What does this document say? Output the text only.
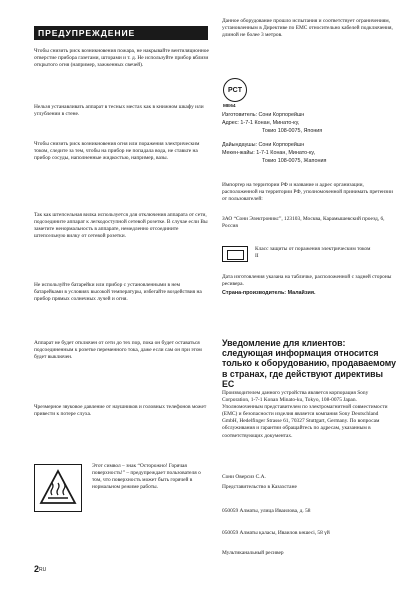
ПРЕДУПРЕЖДЕНИЕ

Чтобы снизить риск возникновения пожара, не накрывайте вентиляционное отверстие прибора газетами, шторами и т. д. Не используйте прибор вблизи открытого огня (например, зажженных свечей).

Нельзя устанавливать аппарат в тесных местах как в книжном шкафу или углублении в стене.

Чтобы снизить риск возникновения огня или поражения электрическим током, следите за тем, чтобы на прибор не попадала вода, не ставьте на прибор сосуды, наполненные жидкостью, например, вазы.

Так как штепсельная вилка используется для отключения аппарата от сети, подсоедините аппарат к легкодоступной сетевой розетке. В случае если Вы заметите ненормальность в аппарате, немедленно отсоедините штепсельную вилку от сетевой розетки.

Не используйте батарейки или прибор с установленными в нем батарейками в условиях высокой температуры, избегайте воздействия на прибор прямых солнечных лучей и огня.

Аппарат не будет отключен от сети до тех пор, пока он будет оставаться подсоединенным к розетке переменного тока, даже если сам он при этом будет выключен.

Чрезмерное звуковое давление от наушников и головных телефонов может привести к потере слуха.

Этот символ – знак “Осторожно! Горячая поверхность!” – предупреждает пользователя о том, что поверхность может быть горячей в нормальном режиме работы.

Данное оборудование прошло испытания и соответствует ограничениям, установленным в Директиве по ЕМС относительно кабелей подключения, длиной не более 3 метров.

PCT
ME64

Изготовитель: Сони Корпорейшн

Адрес: 1-7-1 Конан, Минато-ку,

Токио 108-0075, Япония

Дайындаушы: Сони Корпорейшн

Мекен-жайы: 1-7-1 Конан, Минато-ку,

Токио 108-0075, Жапония

Импортер на территории РФ и название и адрес организации, расположенной на территории РФ, уполномоченной принимать претензии от пользователей:

ЗАО “Сони Электроникс”, 123103, Москва, Карамышевский проезд, 6, Россия

Класс защиты от поражения электрическим током II

Дата изготовления указана на табличке, расположенной с задней стороны ресивера.

Страна-производитель: Малайзия.

Уведомление для клиентов: следующая информация относится только к оборудованию, продаваемому в странах, где действуют директивы ЕС

Производителем данного устройства является корпорация Sony Corporation, 1-7-1 Konan Minato-ku, Tokyo, 108-0075 Japan. Уполномоченным представителем по электромагнитной совместимости (EMC) и безопасности изделия является компания Sony Deutschland GmbH, Hedelfinger Strasse 61, 70327 Stuttgart, Germany. По вопросам обслуживания и гарантии обращайтесь по адресам, указанным в соответствующих документах.

Сони Оверсиз С.А.

Представительство в Казахстане

050059 Алматы, улица Иваилова, д. 58

050059 Алматы қаласы, Иваилов көшесі, 58 үй

Мультиканальный ресивер

2RU
